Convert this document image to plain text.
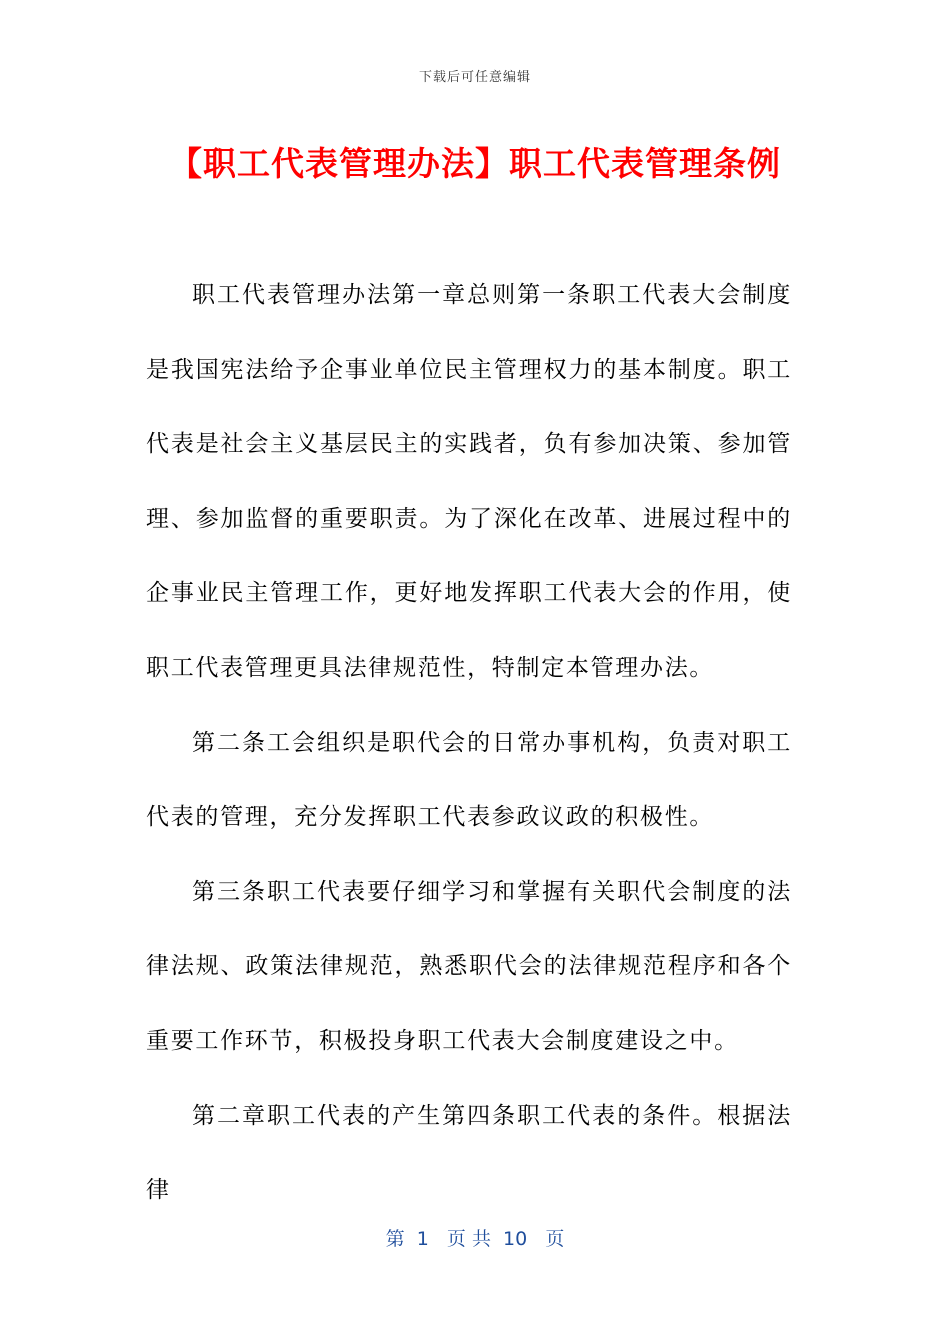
下载后可任意编辑
【职工代表管理办法】职工代表管理条例

职工代表管理办法第一章总则第一条职工代表大会制度是我国宪法给予企事业单位民主管理权力的基本制度。职工代表是社会主义基层民主的实践者，负有参加决策、参加管理、参加监督的重要职责。为了深化在改革、进展过程中的企事业民主管理工作，更好地发挥职工代表大会的作用，使职工代表管理更具法律规范性，特制定本管理办法。

第二条工会组织是职代会的日常办事机构，负责对职工代表的管理，充分发挥职工代表参政议政的积极性。

第三条职工代表要仔细学习和掌握有关职代会制度的法律法规、政策法律规范，熟悉职代会的法律规范程序和各个重要工作环节，积极投身职工代表大会制度建设之中。

第二章职工代表的产生第四条职工代表的条件。根据法律

第  1   页 共  10   页
